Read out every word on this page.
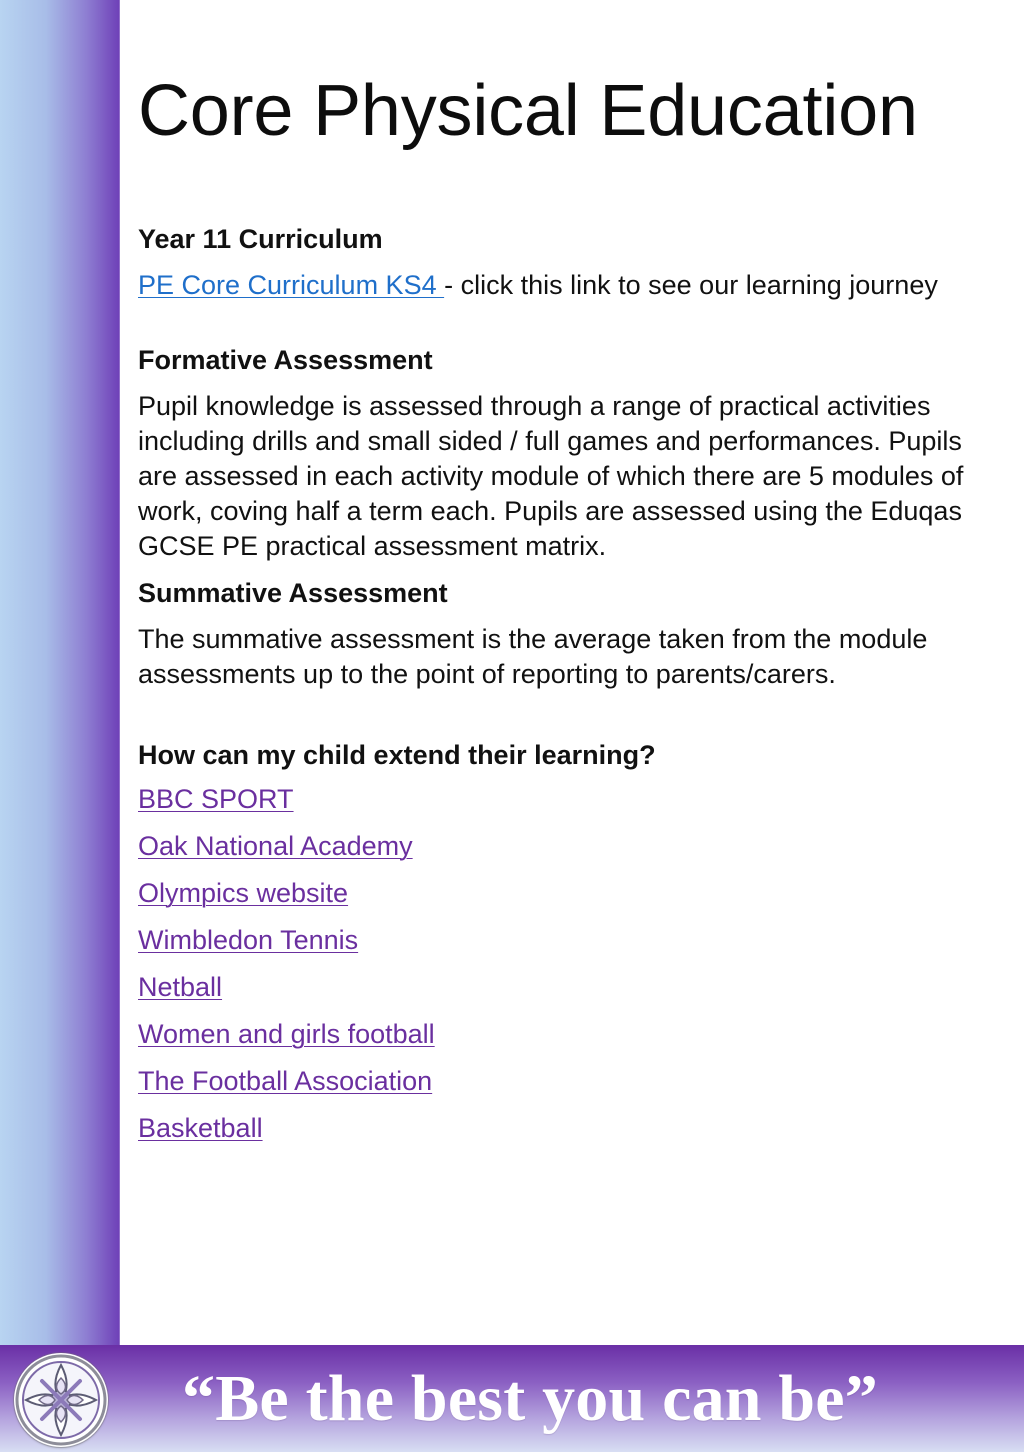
Core Physical Education
Year 11 Curriculum

PE Core Curriculum KS4 - click this link to see our learning journey

Formative Assessment

Pupil knowledge is assessed through a range of practical activities including drills and small sided / full games and performances. Pupils are assessed in each activity module of which there are 5 modules of work, coving half a term each. Pupils are assessed using the Eduqas GCSE PE practical assessment matrix.

Summative Assessment

The summative assessment is the average taken from the module assessments up to the point of reporting to parents/carers.

How can my child extend their learning?
BBC SPORT
Oak National Academy
Olympics website
Wimbledon Tennis
Netball
Women and girls football
The Football Association
Basketball
“Be the best you can be”
